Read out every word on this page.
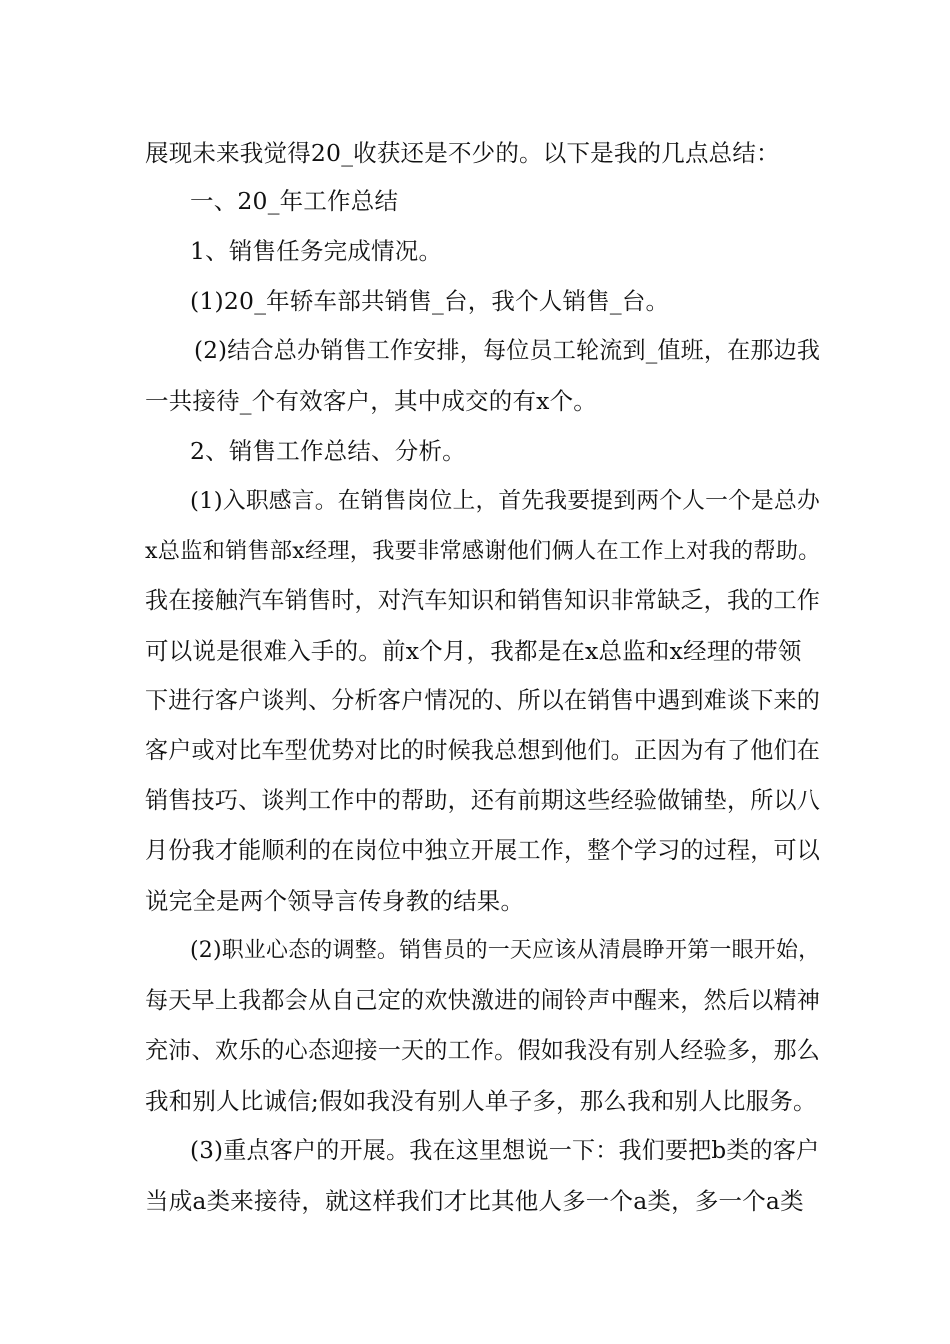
展现未来我觉得20_收获还是不少的。以下是我的几点总结：
一、20_年工作总结
1、销售任务完成情况。
(1)20_年轿车部共销售_台，我个人销售_台。
(2)结合总办销售工作安排，每位员工轮流到_值班，在那边我
一共接待_个有效客户，其中成交的有x个。
2、销售工作总结、分析。
(1)入职感言。在销售岗位上，首先我要提到两个人一个是总办
x总监和销售部x经理，我要非常感谢他们俩人在工作上对我的帮助。
我在接触汽车销售时，对汽车知识和销售知识非常缺乏，我的工作
可以说是很难入手的。前x个月，我都是在x总监和x经理的带领
下进行客户谈判、分析客户情况的、所以在销售中遇到难谈下来的
客户或对比车型优势对比的时候我总想到他们。正因为有了他们在
销售技巧、谈判工作中的帮助，还有前期这些经验做铺垫，所以八
月份我才能顺利的在岗位中独立开展工作，整个学习的过程，可以
说完全是两个领导言传身教的结果。
(2)职业心态的调整。销售员的一天应该从清晨睁开第一眼开始，
每天早上我都会从自己定的欢快激进的闹铃声中醒来，然后以精神
充沛、欢乐的心态迎接一天的工作。假如我没有别人经验多，那么
我和别人比诚信;假如我没有别人单子多，那么我和别人比服务。
(3)重点客户的开展。我在这里想说一下：我们要把b类的客户
当成a类来接待，就这样我们才比其他人多一个a类，多一个a类
